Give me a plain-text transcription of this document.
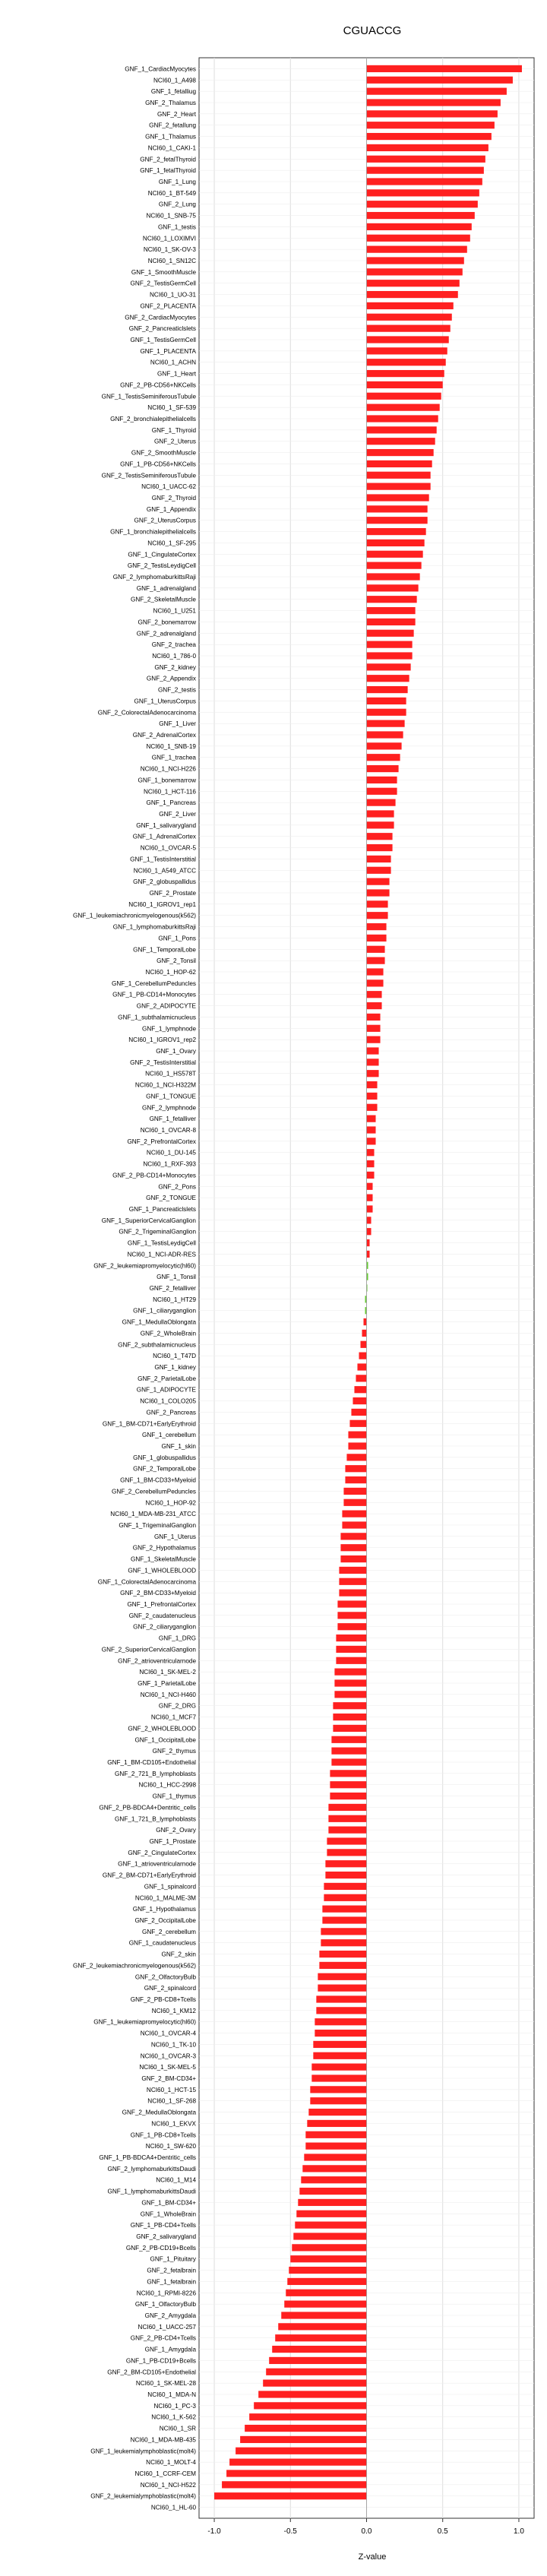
CGUACCG
Z-value
-1.0	-0.5	0.0	0.5	1.0
GNF_1_CardiacMyocytes
NCI60_1_A498
GNF_1_fetalliug
GNF_2_Thalamus
GNF_2_Heart
GNF_2_fetallung
GNF_1_Thalamus
NCI60_1_CAKI-1
GNF_2_fetalThyroid
GNF_1_fetalThyroid
GNF_1_Lung
NCI60_1_BT-549
GNF_2_Lung
NCI60_1_SNB-75
GNF_1_testis
NCI60_1_LOXIMVI
NCI60_1_SK-OV-3
NCI60_1_SN12C
GNF_1_SmoothMuscle
GNF_2_TestisGermCell
NCI60_1_UO-31
GNF_2_PLACENTA
GNF_2_CardiacMyocytes
GNF_2_Pancreaticlslets
GNF_1_TestisGermCell
GNF_1_PLACENTA
NCI60_1_ACHN
GNF_1_Heart
GNF_2_PB-CD56+NKCells
GNF_1_TestisSeminiferousTubule
NCI60_1_SF-539
GNF_2_bronchialepithelialcells
GNF_1_Thyroid
GNF_2_Uterus
GNF_2_SmoothMuscle
GNF_1_PB-CD56+NKCells
GNF_2_TestisSeminiferousTubule
NCI60_1_UACC-62
GNF_2_Thyroid
GNF_1_Appendix
GNF_2_UterusCorpus
GNF_1_bronchialepithelialcells
NCI60_1_SF-295
GNF_1_CingulateCortex
GNF_2_TestisLeydigCell
GNF_2_lymphomaburkittsRaji
GNF_1_adrenalgland
GNF_2_SkeletalMuscle
NCI60_1_U251
GNF_2_bonemarrow
GNF_2_adrenalgland
GNF_2_trachea
NCI60_1_786-0
GNF_2_kidney
GNF_2_Appendix
GNF_2_testis
GNF_1_UterusCorpus
GNF_2_ColorectalAdenocarcinoma
GNF_1_Liver
GNF_2_AdrenalCortex
NCI60_1_SNB-19
GNF_1_trachea
NCI60_1_NCI-H226
GNF_1_bonemarrow
NCI60_1_HCT-116
GNF_1_Pancreas
GNF_2_Liver
GNF_1_salivarygland
GNF_1_AdrenalCortex
NCI60_1_OVCAR-5
GNF_1_TestisInterstitial
NCI60_1_A549_ATCC
GNF_2_globuspallidus
GNF_2_Prostate
NCI60_1_IGROV1_rep1
GNF_1_leukemiachronicmyelogenous(k562)
GNF_1_lymphomaburkittsRaji
GNF_1_Pons
GNF_1_TemporalLobe
GNF_2_Tonsil
NCI60_1_HOP-62
GNF_1_CerebellumPeduncles
GNF_1_PB-CD14+Monocytes
GNF_2_ADIPOCYTE
GNF_1_subthalamicnucleus
GNF_1_lymphnode
NCI60_1_IGROV1_rep2
GNF_1_Ovary
GNF_2_TestisInterstitial
NCI60_1_HS578T
NCI60_1_NCI-H322M
GNF_1_TONGUE
GNF_2_lymphnode
GNF_1_fetalliver
NCI60_1_OVCAR-8
GNF_2_PrefrontalCortex
NCI60_1_DU-145
NCI60_1_RXF-393
GNF_2_PB-CD14+Monocytes
GNF_2_Pons
GNF_2_TONGUE
GNF_1_Pancreaticlslets
GNF_1_SuperiorCervicalGanglion
GNF_2_TrigeminalGanglion
GNF_1_TestisLeydigCell
NCI60_1_NCI-ADR-RES
GNF_2_leukemiapromyelocytic(hl60)
GNF_1_Tonsil
GNF_2_fetalliver
NCI60_1_HT29
GNF_1_ciliaryganglion
GNF_1_MedullaOblongata
GNF_2_WholeBrain
GNF_2_subthalamicnucleus
NCI60_1_T47D
GNF_1_kidney
GNF_2_ParietalLobe
GNF_1_ADIPOCYTE
NCI60_1_COLO205
GNF_2_Pancreas
GNF_1_BM-CD71+EarlyErythroid
GNF_1_cerebellum
GNF_1_skin
GNF_1_globuspallidus
GNF_2_TemporalLobe
GNF_1_BM-CD33+Myeloid
GNF_2_CerebellumPeduncles
NCI60_1_HOP-92
NCI60_1_MDA-MB-231_ATCC
GNF_1_TrigeminalGanglion
GNF_1_Uterus
GNF_2_Hypothalamus
GNF_1_SkeletalMuscle
GNF_1_WHOLEBLOOD
GNF_1_ColorectalAdenocarcinoma
GNF_2_BM-CD33+Myeloid
GNF_1_PrefrontalCortex
GNF_2_caudatenucleus
GNF_2_ciliaryganglion
GNF_1_DRG
GNF_2_SuperiorCervicalGanglion
GNF_2_atrioventricularnode
NCI60_1_SK-MEL-2
GNF_1_ParietalLobe
NCI60_1_NCI-H460
GNF_2_DRG
NCI60_1_MCF7
GNF_2_WHOLEBLOOD
GNF_1_OccipitalLobe
GNF_2_thymus
GNF_1_BM-CD105+Endothelial
GNF_2_721_B_lymphoblasts
NCI60_1_HCC-2998
GNF_1_thymus
GNF_2_PB-BDCA4+Dentritic_cells
GNF_1_721_B_lymphoblasts
GNF_2_Ovary
GNF_1_Prostate
GNF_2_CingulateCortex
GNF_1_atrioventricularnode
GNF_2_BM-CD71+EarlyErythroid
GNF_1_spinalcord
NCI60_1_MALME-3M
GNF_1_Hypothalamus
GNF_2_OccipitalLobe
GNF_2_cerebellum
GNF_1_caudatenucleus
GNF_2_skin
GNF_2_leukemiachronicmyelogenous(k562)
GNF_2_OlfactoryBulb
GNF_2_spinalcord
GNF_2_PB-CD8+Tcells
NCI60_1_KM12
GNF_1_leukemiapromyelocytic(hl60)
NCI60_1_OVCAR-4
NCI60_1_TK-10
NCI60_1_OVCAR-3
NCI60_1_SK-MEL-5
GNF_2_BM-CD34+
NCI60_1_HCT-15
NCI60_1_SF-268
GNF_2_MedullaOblongata
NCI60_1_EKVX
GNF_1_PB-CD8+Tcells
NCI60_1_SW-620
GNF_1_PB-BDCA4+Dentritic_cells
GNF_2_lymphomaburkittsDaudi
NCI60_1_M14
GNF_1_lymphomaburkittsDaudi
GNF_1_BM-CD34+
GNF_1_WholeBrain
GNF_1_PB-CD4+Tcells
GNF_2_salivarygland
GNF_2_PB-CD19+Bcells
GNF_1_Pituitary
GNF_2_fetalbrain
GNF_1_fetalbrain
NCI60_1_RPMI-8226
GNF_1_OlfactoryBulb
GNF_2_Amygdala
NCI60_1_UACC-257
GNF_2_PB-CD4+Tcells
GNF_1_Amygdala
GNF_1_PB-CD19+Bcells
GNF_2_BM-CD105+Endothelial
NCI60_1_SK-MEL-28
NCI60_1_MDA-N
NCI60_1_PC-3
NCI60_1_K-562
NCI60_1_SR
NCI60_1_MDA-MB-435
GNF_1_leukemialymphoblastic(molt4)
NCI60_1_MOLT-4
NCI60_1_CCRF-CEM
NCI60_1_NCI-H522
GNF_2_leukemialymphoblastic(molt4)
NCI60_1_HL-60
